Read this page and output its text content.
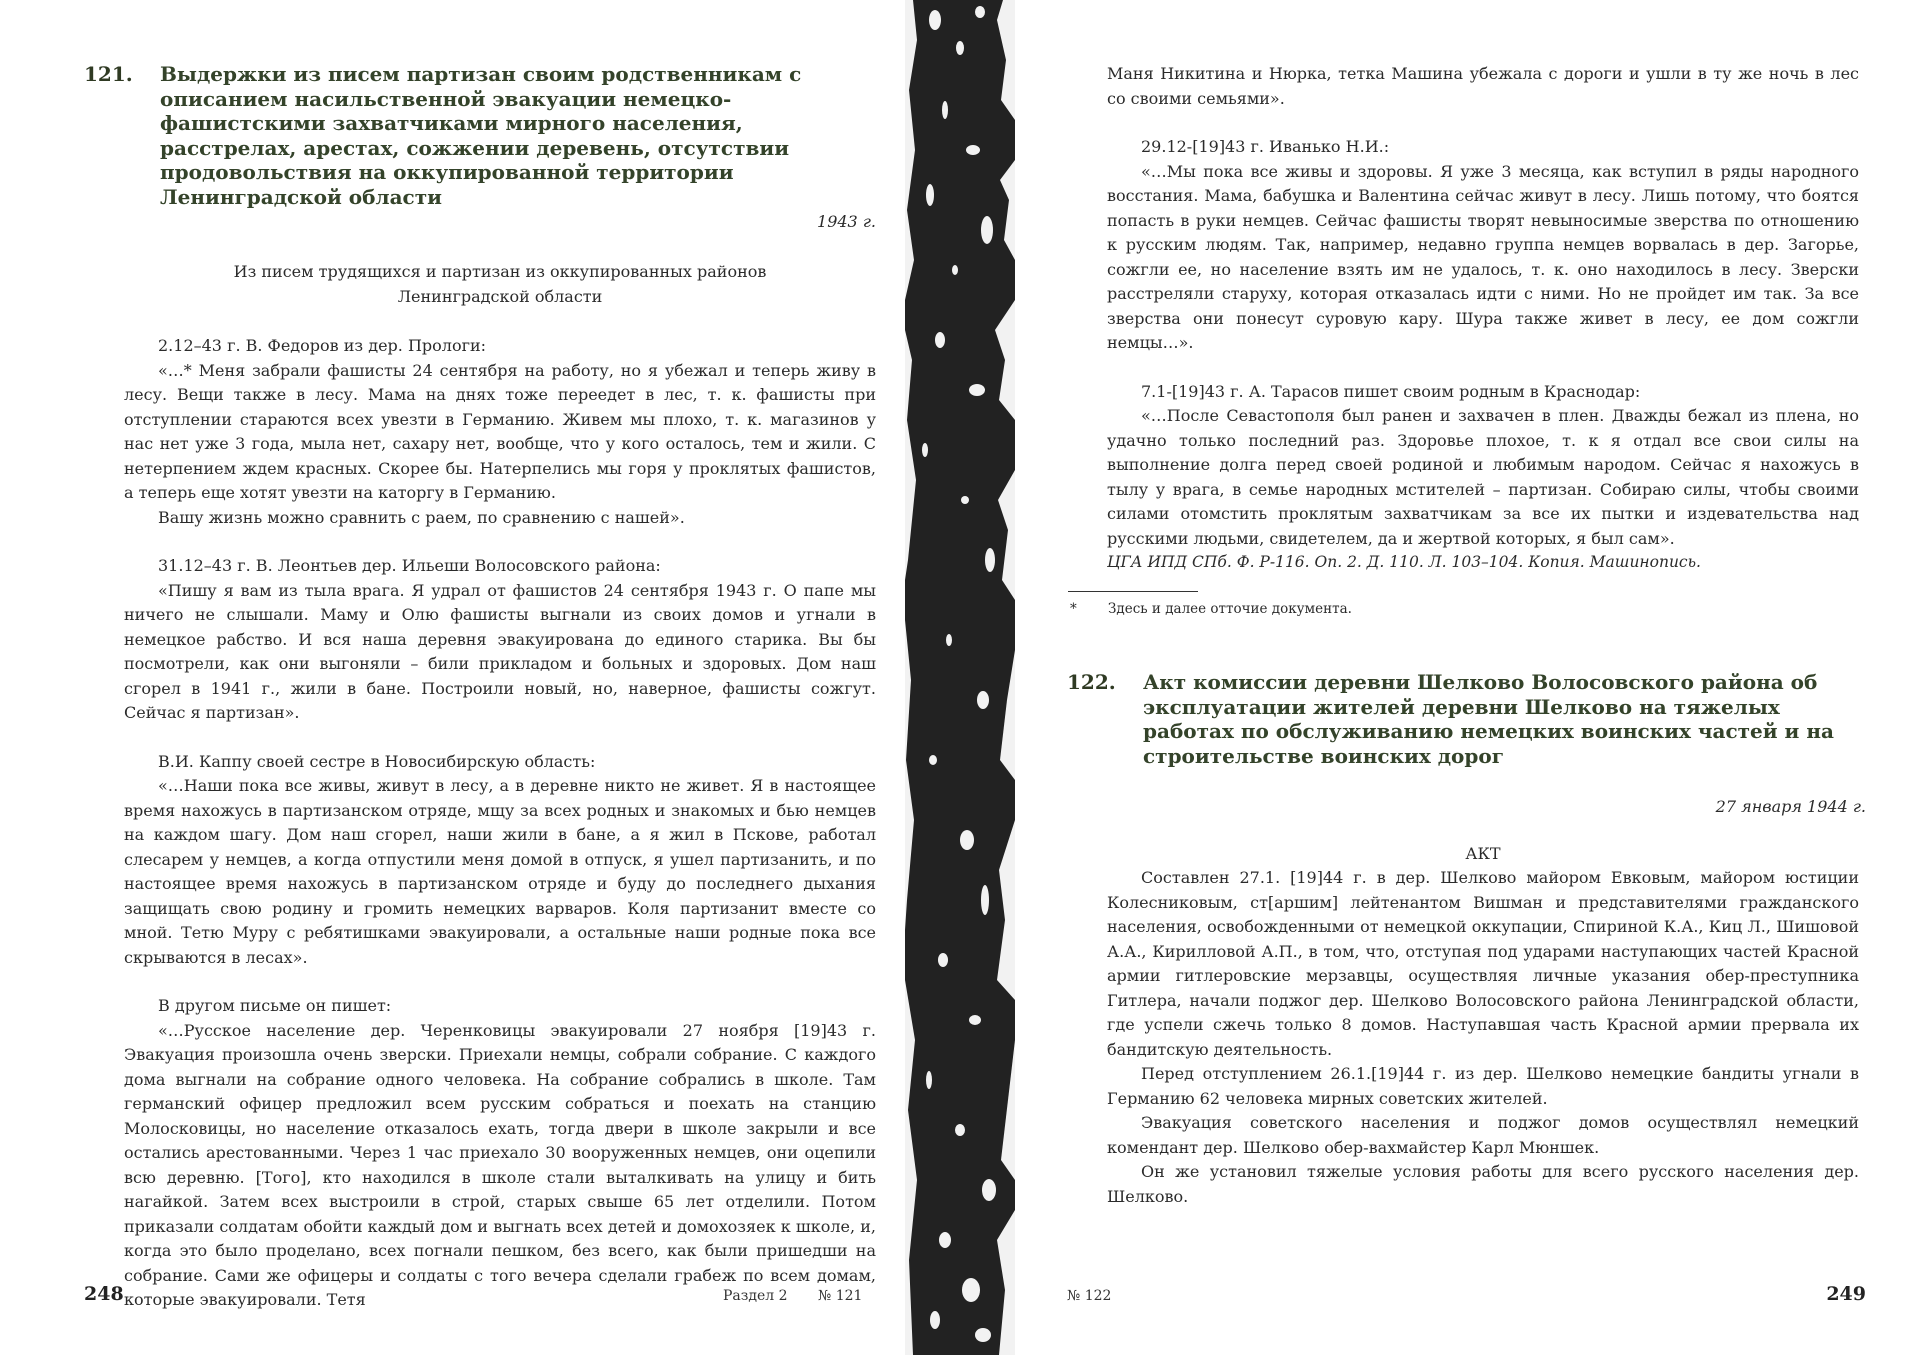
121.	Выдержки из писем партизан своим родственникам с описанием насильственной эвакуации немецко-фашистскими захватчиками мирного населения, расстрелах, арестах, сожжении деревень, отсутствии продовольствия на оккупированной территории Ленинградской области
1943 г.
Из писем трудящихся и партизан из оккупированных районов
Ленинградской области

2.12–43 г. В. Федоров из дер. Прологи:

«…* Меня забрали фашисты 24 сентября на работу, но я убежал и теперь живу в лесу. Вещи также в лесу. Мама на днях тоже переедет в лес, т. к. фашисты при отступлении стараются всех увезти в Германию. Живем мы плохо, т. к. магазинов у нас нет уже 3 года, мыла нет, сахару нет, вообще, что у кого осталось, тем и жили. С нетерпением ждем красных. Скорее бы. Натерпелись мы горя у проклятых фашистов, а теперь еще хотят увезти на каторгу в Германию.

Вашу жизнь можно сравнить с раем, по сравнению с нашей».

31.12–43 г. В. Леонтьев дер. Ильеши Волосовского района:

«Пишу я вам из тыла врага. Я удрал от фашистов 24 сентября 1943 г. О папе мы ничего не слышали. Маму и Олю фашисты выгнали из своих домов и угнали в немецкое рабство. И вся наша деревня эвакуирована до единого старика. Вы бы посмотрели, как они выгоняли – били прикладом и больных и здоровых. Дом наш сгорел в 1941 г., жили в бане. Построили новый, но, наверное, фашисты сожгут. Сейчас я партизан».

В.И. Каппу своей сестре в Новосибирскую область:

«…Наши пока все живы, живут в лесу, а в деревне никто не живет. Я в настоящее время нахожусь в партизанском отряде, мщу за всех родных и знакомых и бью немцев на каждом шагу. Дом наш сгорел, наши жили в бане, а я жил в Пскове, работал слесарем у немцев, а когда отпустили меня домой в отпуск, я ушел партизанить, и по настоящее время нахожусь в партизанском отряде и буду до последнего дыхания защищать свою родину и громить немецких варваров. Коля партизанит вместе со мной. Тетю Муру с ребятишками эвакуировали, а остальные наши родные пока все скрываются в лесах».

В другом письме он пишет:

«…Русское население дер. Черенковицы эвакуировали 27 ноября [19]43 г. Эвакуация произошла очень зверски. Приехали немцы, собрали собрание. С каждого дома выгнали на собрание одного человека. На собрание собрались в школе. Там германский офицер предложил всем русским собраться и поехать на станцию Молосковицы, но население отказалось ехать, тогда двери в школе закрыли и все остались арестованными. Через 1 час приехало 30 вооруженных немцев, они оцепили всю деревню. [Того], кто находился в школе стали выталкивать на улицу и бить нагайкой. Затем всех выстроили в строй, старых свыше 65 лет отделили. Потом приказали солдатам обойти каждый дом и выгнать всех детей и домохозяек к школе, и, когда это было проделано, всех погнали пешком, без всего, как были пришедши на собрание. Сами же офицеры и солдаты с того вечера сделали грабеж по всем домам, которые эвакуировали. Тетя

248	Раздел 2 № 121

Маня Никитина и Нюрка, тетка Машина убежала с дороги и ушли в ту же ночь в лес со своими семьями».

29.12-[19]43 г. Иванько Н.И.:

«…Мы пока все живы и здоровы. Я уже 3 месяца, как вступил в ряды народного восстания. Мама, бабушка и Валентина сейчас живут в лесу. Лишь потому, что боятся попасть в руки немцев. Сейчас фашисты творят невыносимые зверства по отношению к русским людям. Так, например, недавно группа немцев ворвалась в дер. Загорье, сожгли ее, но население взять им не удалось, т. к. оно находилось в лесу. Зверски расстреляли старуху, которая отказалась идти с ними. Но не пройдет им так. За все зверства они понесут суровую кару. Шура также живет в лесу, ее дом сожгли немцы…».

7.1-[19]43 г. А. Тарасов пишет своим родным в Краснодар:

«…После Севастополя был ранен и захвачен в плен. Дважды бежал из плена, но удачно только последний раз. Здоровье плохое, т. к я отдал все свои силы на выполнение долга перед своей родиной и любимым народом. Сейчас я нахожусь в тылу у врага, в семье народных мстителей – партизан. Собираю силы, чтобы своими силами отомстить проклятым захватчикам за все их пытки и издевательства над русскими людьми, свидетелем, да и жертвой которых, я был сам».

ЦГА ИПД СПб. Ф. Р-116. Оп. 2. Д. 110. Л. 103–104. Копия. Машинопись.
*	Здесь и далее отточие документа.
122.	Акт комиссии деревни Шелково Волосовского района об эксплуатации жителей деревни Шелково на тяжелых работах по обслуживанию немецких воинских частей и на строительстве воинских дорог
27 января 1944 г.
АКТ

Составлен 27.1. [19]44 г. в дер. Шелково майором Евковым, майором юстиции Колесниковым, ст[аршим] лейтенантом Вишман и представителями гражданского населения, освобожденными от немецкой оккупации, Спириной К.А., Киц Л., Шишовой А.А., Кирилловой А.П., в том, что, отступая под ударами наступающих частей Красной армии гитлеровские мерзавцы, осуществляя личные указания обер-преступника Гитлера, начали поджог дер. Шелково Волосовского района Ленинградской области, где успели сжечь только 8 домов. Наступавшая часть Красной армии прервала их бандитскую деятельность.

Перед отступлением 26.1.[19]44 г. из дер. Шелково немецкие бандиты угнали в Германию 62 человека мирных советских жителей.

Эвакуация советского населения и поджог домов осуществлял немецкий комендант дер. Шелково обер-вахмайстер Карл Мюншек.

Он же установил тяжелые условия работы для всего русского населения дер. Шелково.

№ 122	249
